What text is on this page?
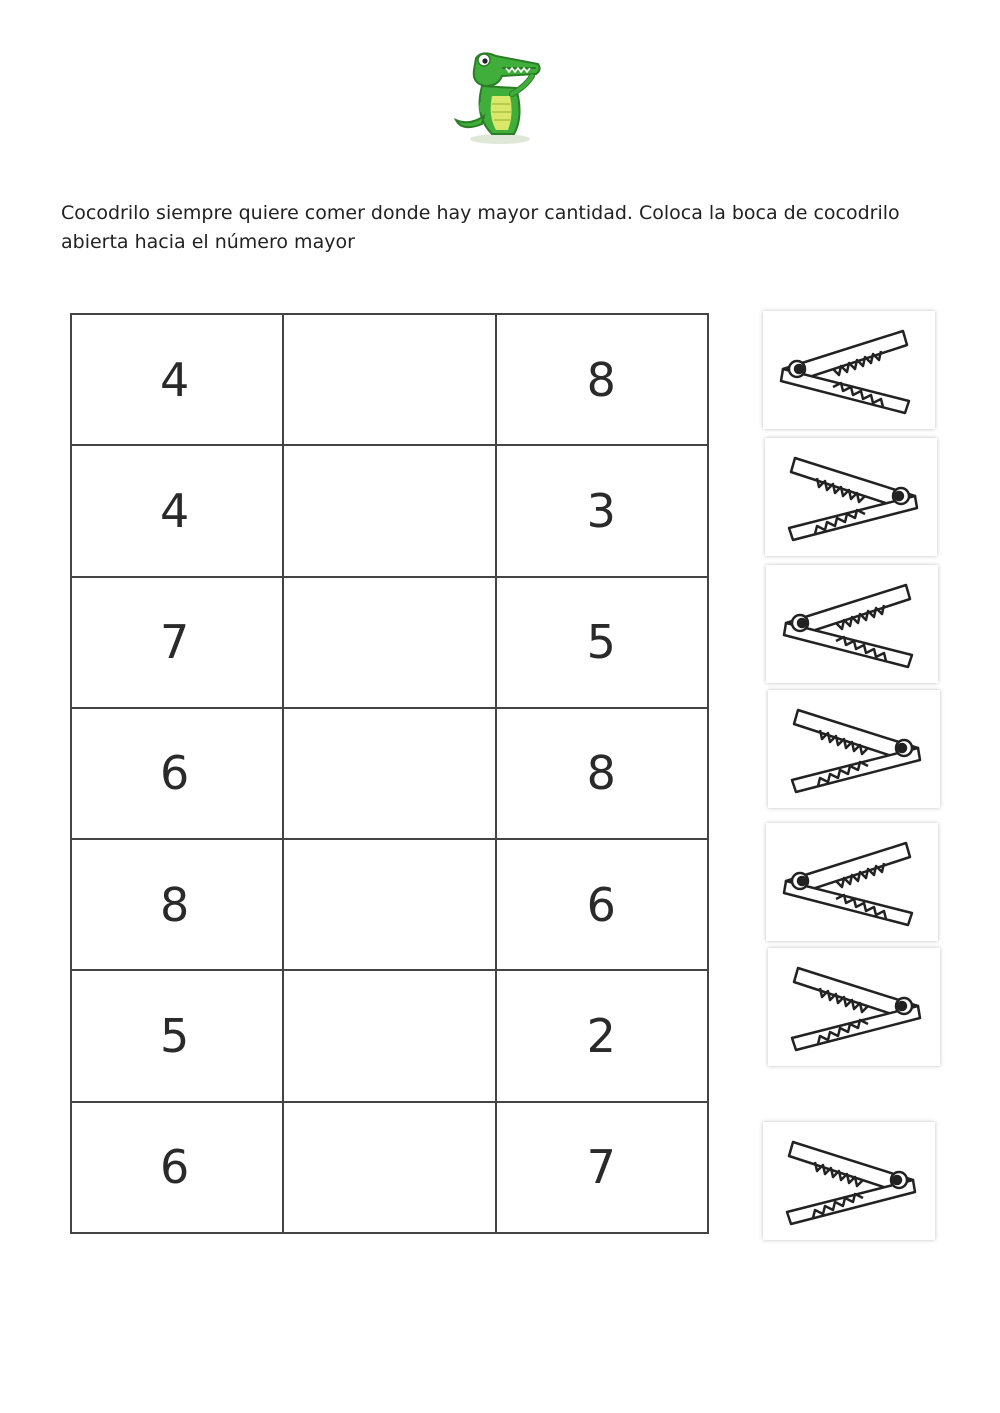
Cocodrilo siempre quiere comer donde hay mayor cantidad. Coloca la boca de cocodrilo abierta hacia el número mayor

4		8
4		3
7		5
6		8
8		6
5		2
6		7
